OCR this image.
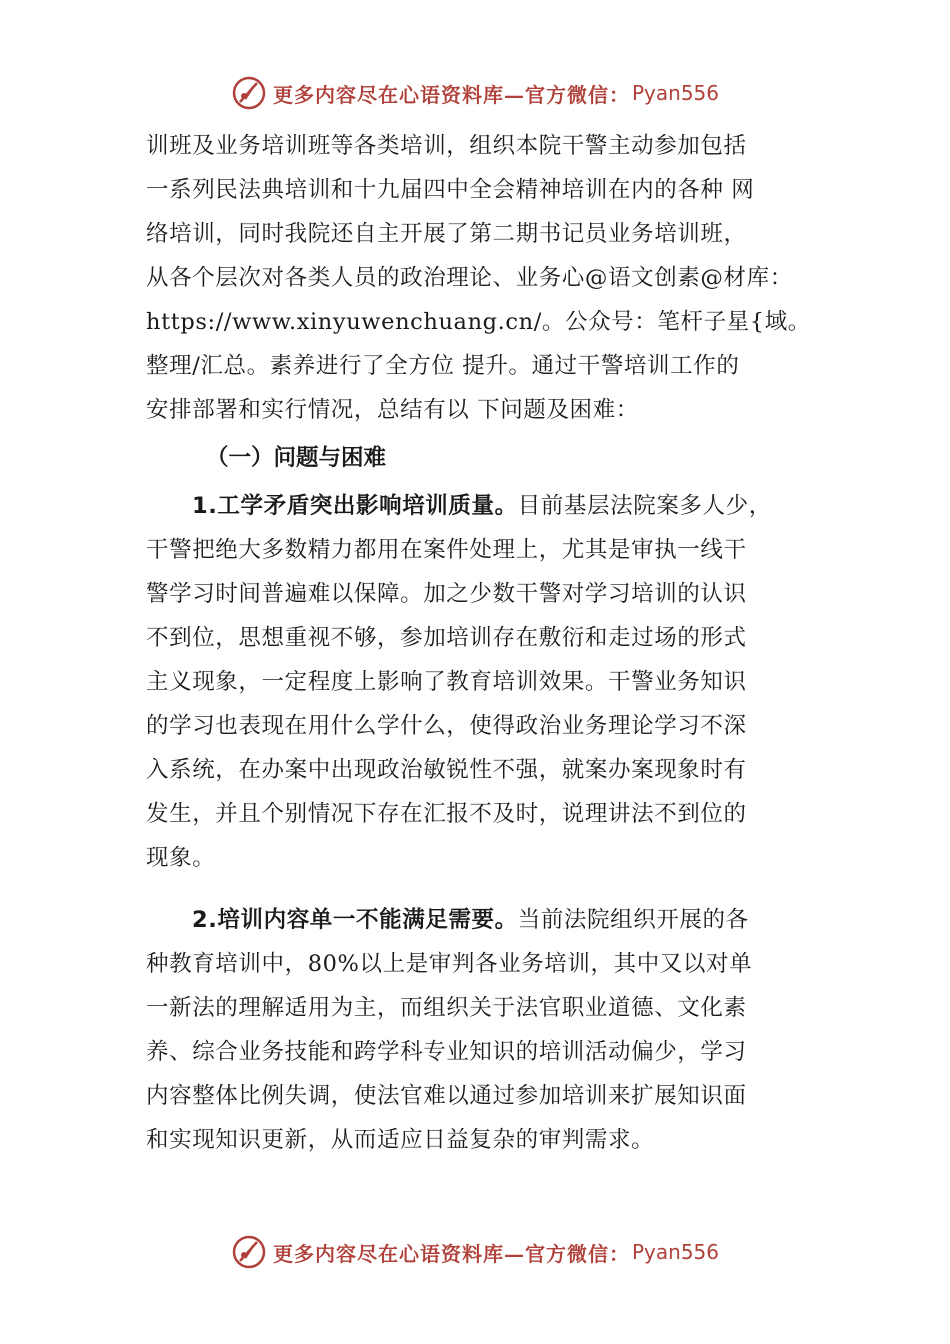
更多内容尽在心语资料库—官方微信： Pyan556
训班及业务培训班等各类培训，组织本院干警主动参加包括
一系列民法典培训和十九届四中全会精神培训在内的各种 网
络培训，同时我院还自主开展了第二期书记员业务培训班，
从各个层次对各类人员的政治理论、业务心@语文创素@材库：
https://www.xinyuwenchuang.cn/。公众号：笔杆子星{域。
整理/汇总。素养进行了全方位 提升。通过干警培训工作的
安排部署和实行情况，总结有以 下问题及困难：
（一）问题与困难
1.工学矛盾突出影响培训质量。目前基层法院案多人少，
干警把绝大多数精力都用在案件处理上，尤其是审执一线干
警学习时间普遍难以保障。加之少数干警对学习培训的认识
不到位，思想重视不够，参加培训存在敷衍和走过场的形式
主义现象，一定程度上影响了教育培训效果。干警业务知识
的学习也表现在用什么学什么，使得政治业务理论学习不深
入系统，在办案中出现政治敏锐性不强，就案办案现象时有
发生，并且个别情况下存在汇报不及时，说理讲法不到位的
现象。
2.培训内容单一不能满足需要。当前法院组织开展的各
种教育培训中，80%以上是审判各业务培训，其中又以对单
一新法的理解适用为主，而组织关于法官职业道德、文化素
养、综合业务技能和跨学科专业知识的培训活动偏少，学习
内容整体比例失调，使法官难以通过参加培训来扩展知识面
和实现知识更新，从而适应日益复杂的审判需求。
更多内容尽在心语资料库—官方微信： Pyan556
